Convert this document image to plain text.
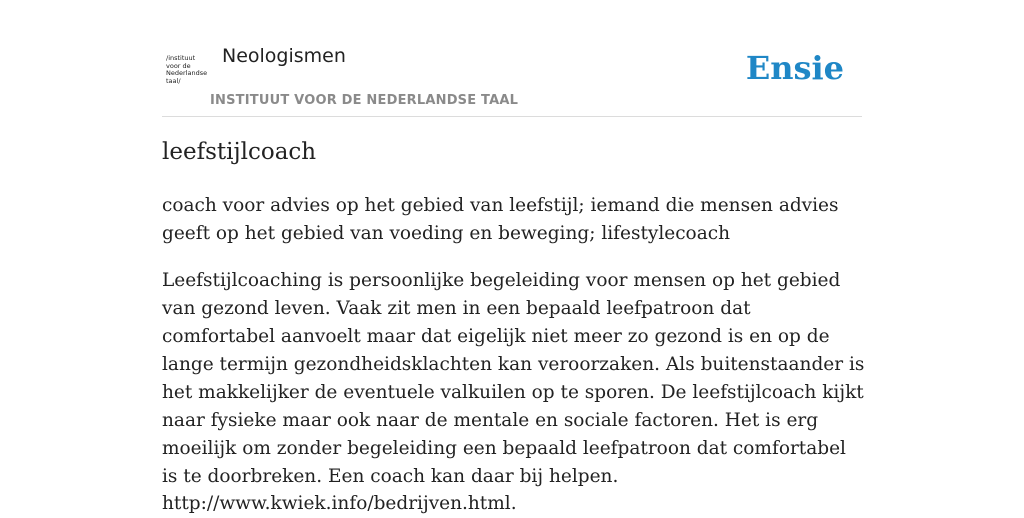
/instituut
voor de
Nederlandse
taal/
Neologismen
INSTITUUT VOOR DE NEDERLANDSE TAAL
Ensie
leefstijlcoach

coach voor advies op het gebied van leefstijl; iemand die mensen advies geeft op het gebied van voeding en beweging; lifestylecoach

Leefstijlcoaching is persoonlijke begeleiding voor mensen op het gebied van gezond leven. Vaak zit men in een bepaald leefpatroon dat comfortabel aanvoelt maar dat eigelijk niet meer zo gezond is en op de lange termijn gezondheidsklachten kan veroorzaken. Als buitenstaander is het makkelijker de eventuele valkuilen op te sporen. De leefstijlcoach kijkt naar fysieke maar ook naar de mentale en sociale factoren. Het is erg moeilijk om zonder begeleiding een bepaald leefpatroon dat comfortabel is te doorbreken. Een coach kan daar bij helpen.

http://www.kwiek.info/bedrijven.html.
